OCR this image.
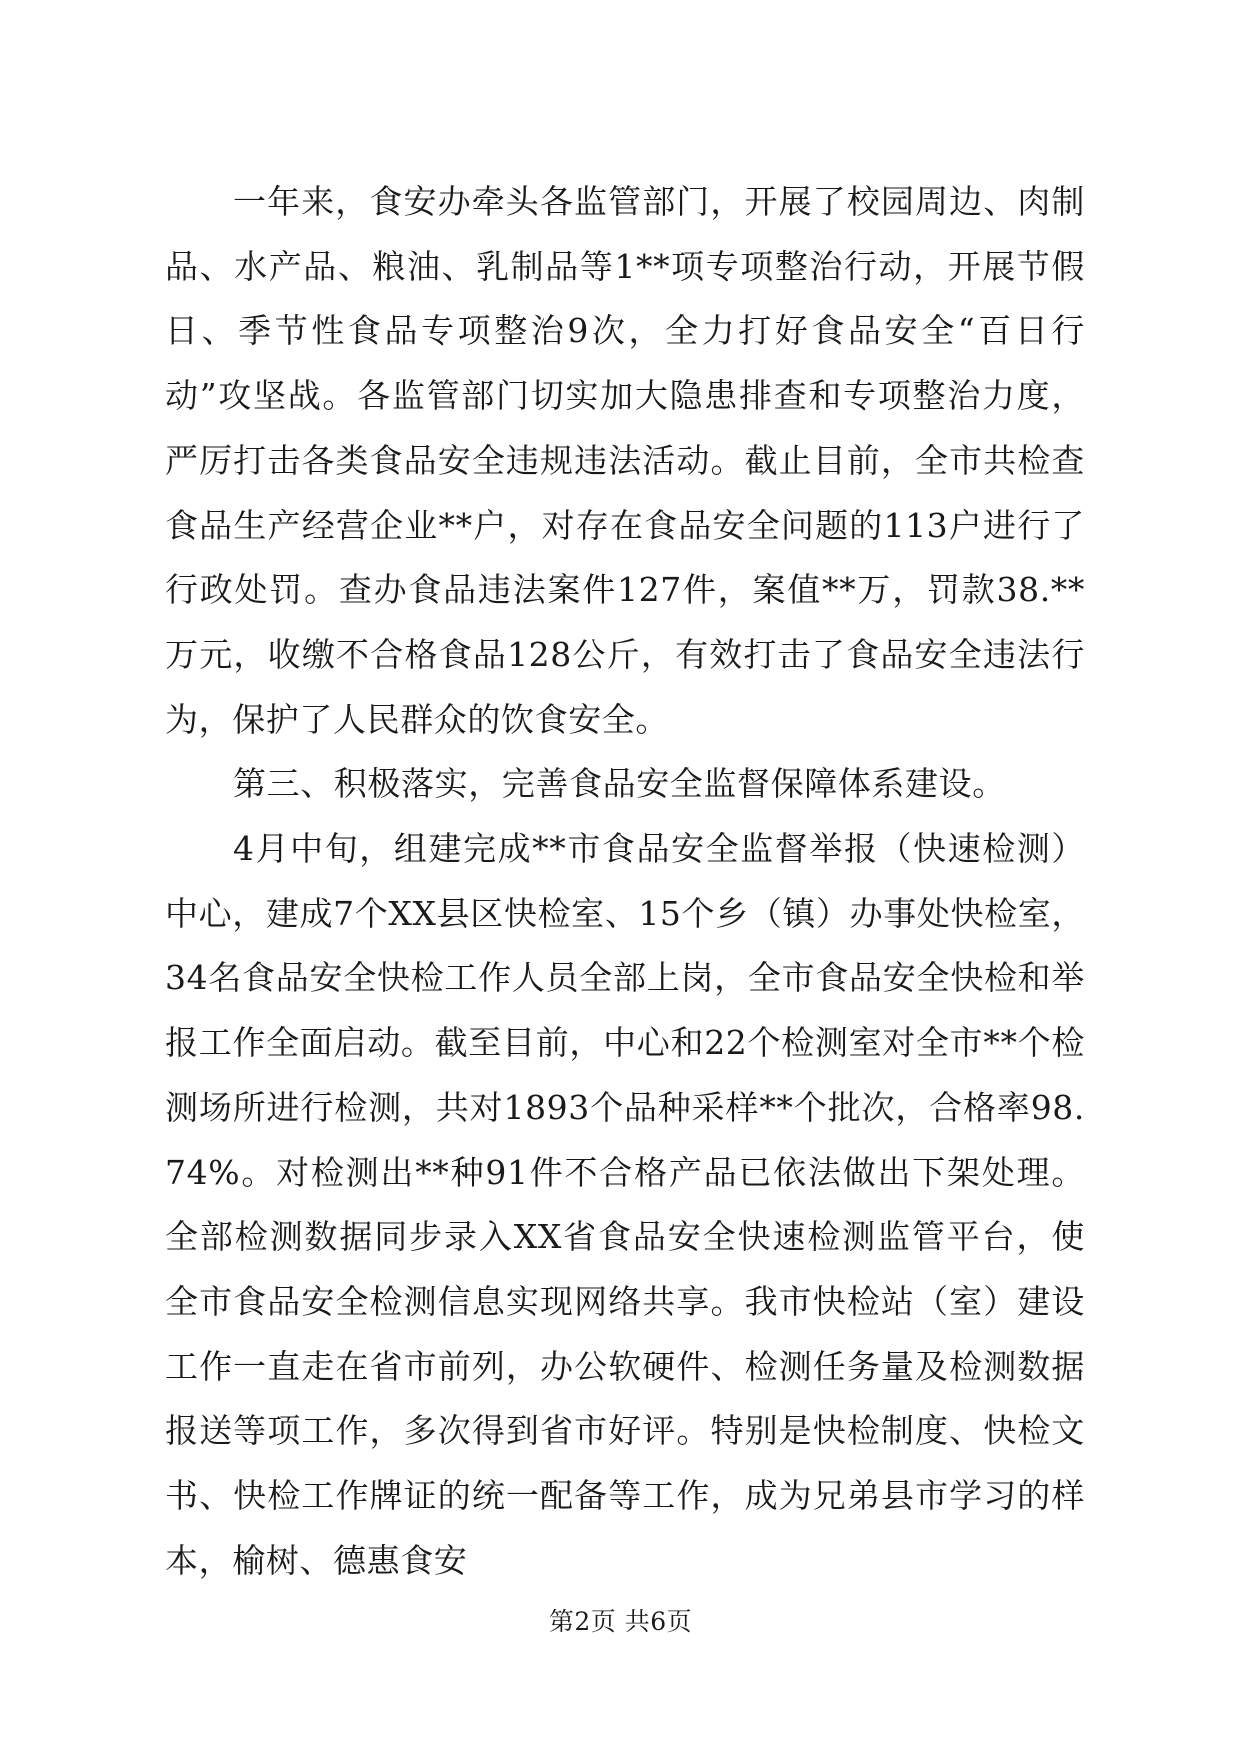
一年来，食安办牵头各监管部门，开展了校园周边、肉制品、水产品、粮油、乳制品等1**项专项整治行动，开展节假日、季节性食品专项整治9次，全力打好食品安全“百日行动”攻坚战。各监管部门切实加大隐患排查和专项整治力度，严厉打击各类食品安全违规违法活动。截止目前，全市共检查食品生产经营企业**户，对存在食品安全问题的113户进行了行政处罚。查办食品违法案件127件，案值**万，罚款38.**万元，收缴不合格食品128公斤，有效打击了食品安全违法行为，保护了人民群众的饮食安全。

第三、积极落实，完善食品安全监督保障体系建设。

4月中旬，组建完成**市食品安全监督举报（快速检测）中心，建成7个XX县区快检室、15个乡（镇）办事处快检室，34名食品安全快检工作人员全部上岗，全市食品安全快检和举报工作全面启动。截至目前，中心和22个检测室对全市**个检测场所进行检测，共对1893个品种采样**个批次，合格率98.74%。对检测出**种91件不合格产品已依法做出下架处理。全部检测数据同步录入XX省食品安全快速检测监管平台，使全市食品安全检测信息实现网络共享。我市快检站（室）建设工作一直走在省市前列，办公软硬件、检测任务量及检测数据报送等项工作，多次得到省市好评。特别是快检制度、快检文书、快检工作牌证的统一配备等工作，成为兄弟县市学习的样本，榆树、德惠食安

第2页 共6页
